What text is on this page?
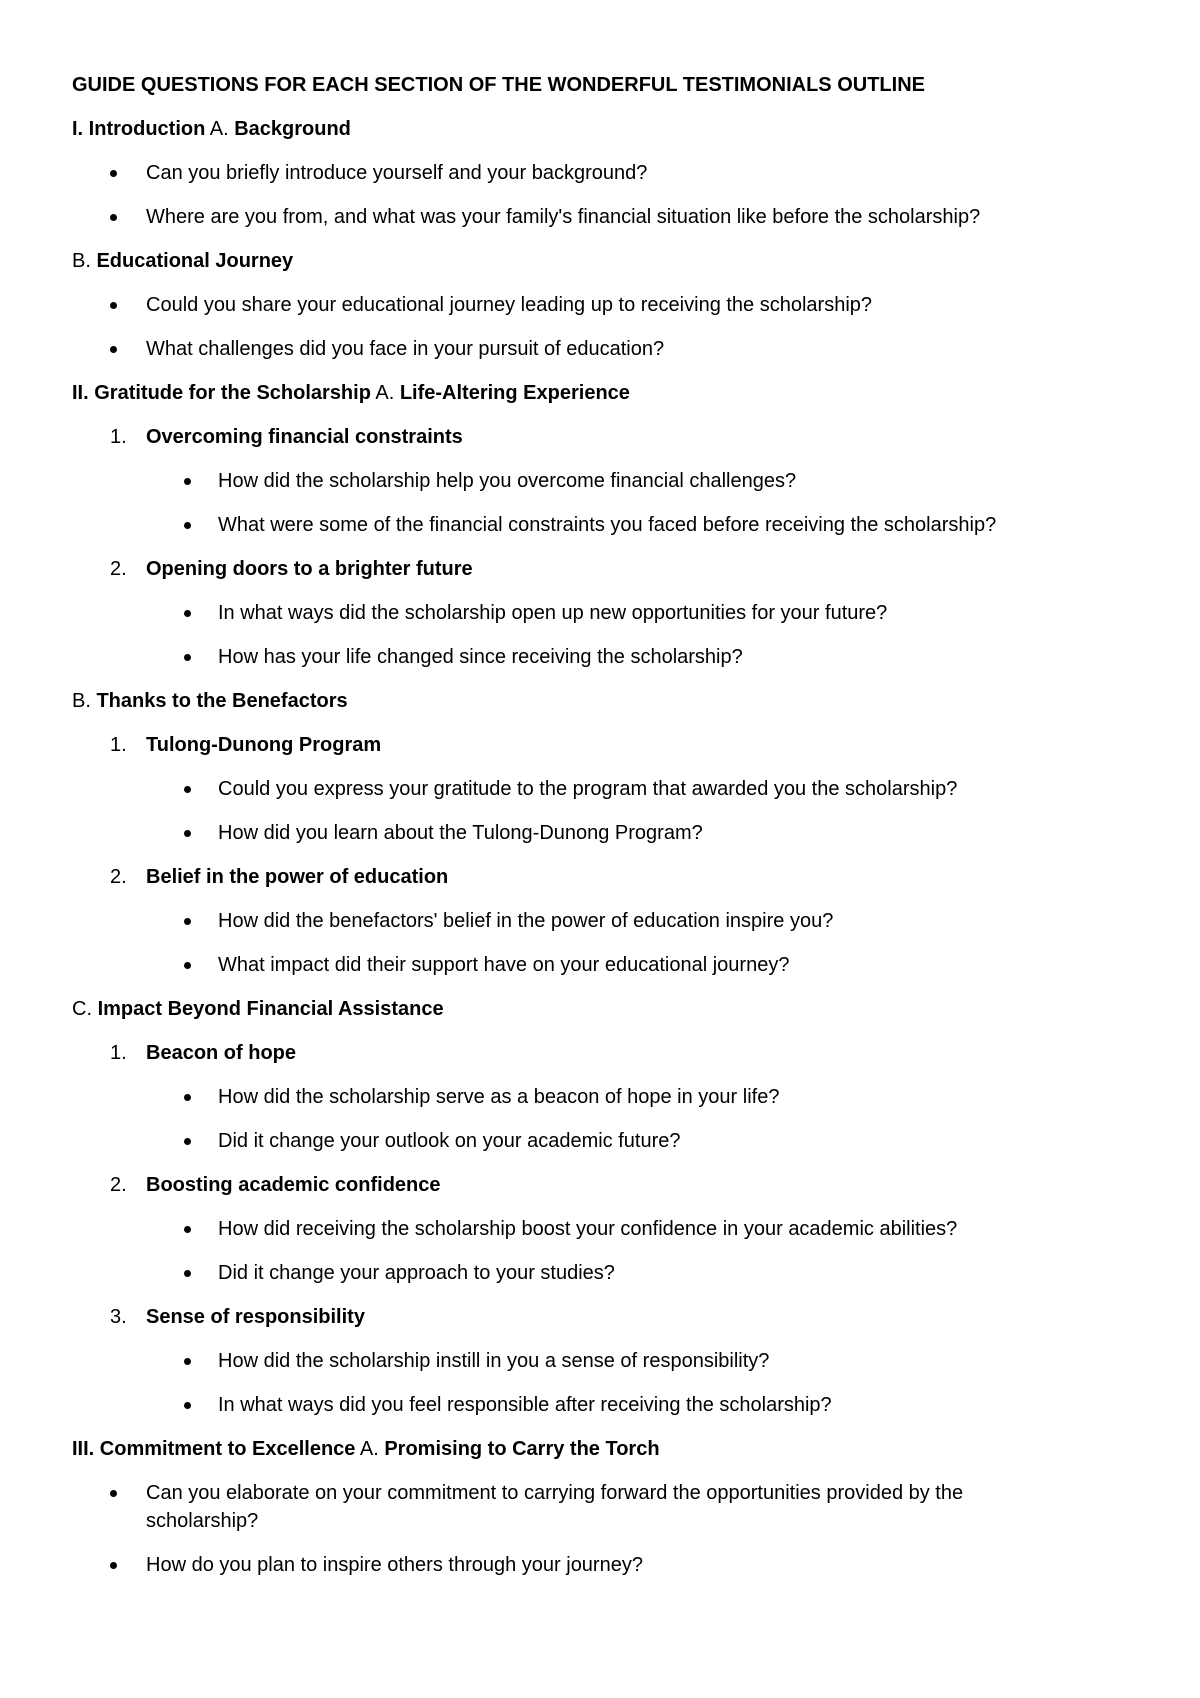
GUIDE QUESTIONS FOR EACH SECTION OF THE WONDERFUL TESTIMONIALS OUTLINE
I. Introduction A. Background
Can you briefly introduce yourself and your background?
Where are you from, and what was your family's financial situation like before the scholarship?
B. Educational Journey
Could you share your educational journey leading up to receiving the scholarship?
What challenges did you face in your pursuit of education?
II. Gratitude for the Scholarship A. Life-Altering Experience
1. Overcoming financial constraints
How did the scholarship help you overcome financial challenges?
What were some of the financial constraints you faced before receiving the scholarship?
2. Opening doors to a brighter future
In what ways did the scholarship open up new opportunities for your future?
How has your life changed since receiving the scholarship?
B. Thanks to the Benefactors
1. Tulong-Dunong Program
Could you express your gratitude to the program that awarded you the scholarship?
How did you learn about the Tulong-Dunong Program?
2. Belief in the power of education
How did the benefactors' belief in the power of education inspire you?
What impact did their support have on your educational journey?
C. Impact Beyond Financial Assistance
1. Beacon of hope
How did the scholarship serve as a beacon of hope in your life?
Did it change your outlook on your academic future?
2. Boosting academic confidence
How did receiving the scholarship boost your confidence in your academic abilities?
Did it change your approach to your studies?
3. Sense of responsibility
How did the scholarship instill in you a sense of responsibility?
In what ways did you feel responsible after receiving the scholarship?
III. Commitment to Excellence A. Promising to Carry the Torch
Can you elaborate on your commitment to carrying forward the opportunities provided by the
scholarship?
How do you plan to inspire others through your journey?
